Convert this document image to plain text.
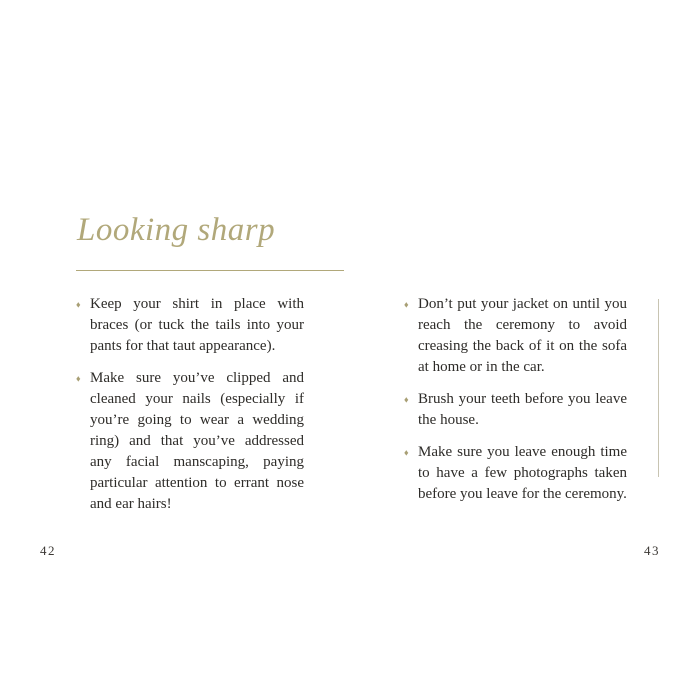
Looking sharp
♦ Keep your shirt in place with braces (or tuck the tails into your pants for that taut appearance).
♦ Make sure you’ve clipped and cleaned your nails (especially if you’re going to wear a wedding ring) and that you’ve addressed any facial manscaping, paying particular attention to errant nose and ear hairs!
♦ Don’t put your jacket on until you reach the ceremony to avoid creasing the back of it on the sofa at home or in the car.
♦ Brush your teeth before you leave the house.
♦ Make sure you leave enough time to have a few photographs taken before you leave for the ceremony.
42	43
